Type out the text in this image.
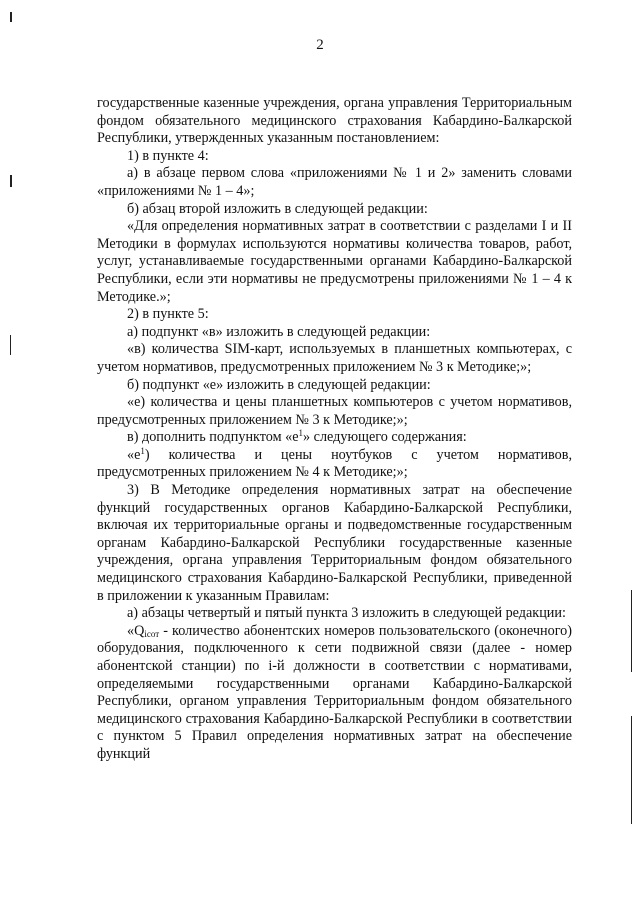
2

государственные казенные учреждения, органа управления Территориальным фондом обязательного медицинского страхования Кабардино-Балкарской Республики, утвержденных указанным постановлением:

1) в пункте 4:

а) в абзаце первом слова «приложениями № 1 и 2» заменить словами «приложениями № 1 – 4»;

б) абзац второй изложить в следующей редакции:

«Для определения нормативных затрат в соответствии с разделами I и II Методики в формулах используются нормативы количества товаров, работ, услуг, устанавливаемые государственными органами Кабардино-Балкарской Республики, если эти нормативы не предусмотрены приложениями № 1 – 4 к Методике.»;

2) в пункте 5:

а) подпункт «в» изложить в следующей редакции:

«в) количества SIM-карт, используемых в планшетных компьютерах, с учетом нормативов, предусмотренных приложением № 3 к Методике;»;

б) подпункт «е» изложить в следующей редакции:

«е) количества и цены планшетных компьютеров с учетом нормативов, предусмотренных приложением № 3 к Методике;»;

в) дополнить подпунктом «$е^1$» следующего содержания:

«$е^1$) количества и цены ноутбуков с учетом нормативов, предусмотренных приложением № 4 к Методике;»;

3) В Методике определения нормативных затрат на обеспечение функций государственных органов Кабардино-Балкарской Республики, включая их территориальные органы и подведомственные государственным органам Кабардино-Балкарской Республики государственные казенные учреждения, органа управления Территориальным фондом обязательного медицинского страхования Кабардино-Балкарской Республики, приведенной в приложении к указанным Правилам:

а) абзацы четвертый и пятый пункта 3 изложить в следующей редакции:

«$Q_{iсот}$ - количество абонентских номеров пользовательского (оконечного) оборудования, подключенного к сети подвижной связи (далее - номер абонентской станции) по i-й должности в соответствии с нормативами, определяемыми государственными органами Кабардино-Балкарской Республики, органом управления Территориальным фондом обязательного медицинского страхования Кабардино-Балкарской Республики в соответствии с пунктом 5 Правил определения нормативных затрат на обеспечение функций
